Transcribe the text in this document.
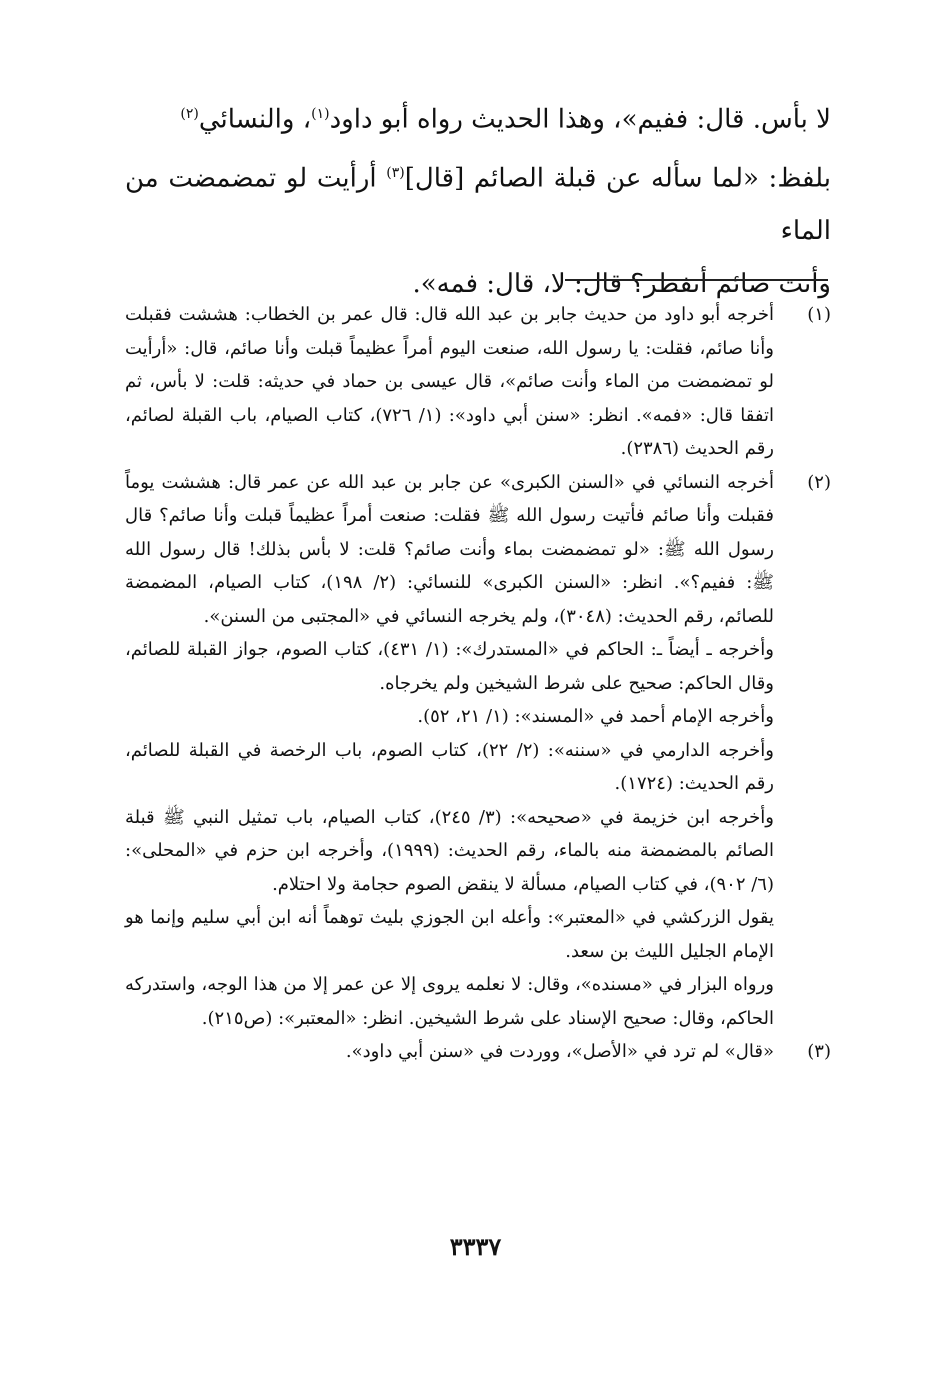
لا بأس. قال: ففيم»، وهذا الحديث رواه أبو داود$^{(١)}$، والنسائي$^{(٢)}$

بلفظ: «لما سأله عن قبلة الصائم [قال]$^{(٣)}$ أرأيت لو تمضمضت من الماء

وأنت صائم أتفطر؟ قال: لا، قال: فمه».

(١)

أخرجه أبو داود من حديث جابر بن عبد الله قال: قال عمر بن الخطاب: هششت فقبلت وأنا صائم، فقلت: يا رسول الله، صنعت اليوم أمراً عظيماً قبلت وأنا صائم، قال: «أرأيت لو تمضمضت من الماء وأنت صائم»، قال عيسى بن حماد في حديثه: قلت: لا بأس، ثم اتفقا قال: «فمه». انظر: «سنن أبي داود»: (١/ ٧٢٦)، كتاب الصيام، باب القبلة لصائم، رقم الحديث (٢٣٨٦).

(٢)

أخرجه النسائي في «السنن الكبرى» عن جابر بن عبد الله عن عمر قال: هششت يوماً فقبلت وأنا صائم فأتيت رسول الله ﷺ فقلت: صنعت أمراً عظيماً قبلت وأنا صائم؟ قال رسول الله ﷺ: «لو تمضمضت بماء وأنت صائم؟ قلت: لا بأس بذلك! قال رسول الله ﷺ: ففيم؟». انظر: «السنن الكبرى» للنسائي: (٢/ ١٩٨)، كتاب الصيام، المضمضة للصائم، رقم الحديث: (٣٠٤٨)، ولم يخرجه النسائي في «المجتبى من السنن».

وأخرجه ـ أيضاً ـ: الحاكم في «المستدرك»: (١/ ٤٣١)، كتاب الصوم، جواز القبلة للصائم، وقال الحاكم: صحيح على شرط الشيخين ولم يخرجاه.

وأخرجه الإمام أحمد في «المسند»: (١/ ٢١، ٥٢).

وأخرجه الدارمي في «سننه»: (٢/ ٢٢)، كتاب الصوم، باب الرخصة في القبلة للصائم، رقم الحديث: (١٧٢٤).

وأخرجه ابن خزيمة في «صحيحه»: (٣/ ٢٤٥)، كتاب الصيام، باب تمثيل النبي ﷺ قبلة الصائم بالمضمضة منه بالماء، رقم الحديث: (١٩٩٩)، وأخرجه ابن حزم في «المحلى»: (٦/ ٩٠٢)، في كتاب الصيام، مسألة لا ينقض الصوم حجامة ولا احتلام.

يقول الزركشي في «المعتبر»: وأعله ابن الجوزي بليث توهماً أنه ابن أبي سليم وإنما هو الإمام الجليل الليث بن سعد.

ورواه البزار في «مسنده»، وقال: لا نعلمه يروى إلا عن عمر إلا من هذا الوجه، واستدركه الحاكم، وقال: صحيح الإسناد على شرط الشيخين. انظر: «المعتبر»: (ص٢١٥).

(٣)

«قال» لم ترد في «الأصل»، ووردت في «سنن أبي داود».

٣٣٣٧
